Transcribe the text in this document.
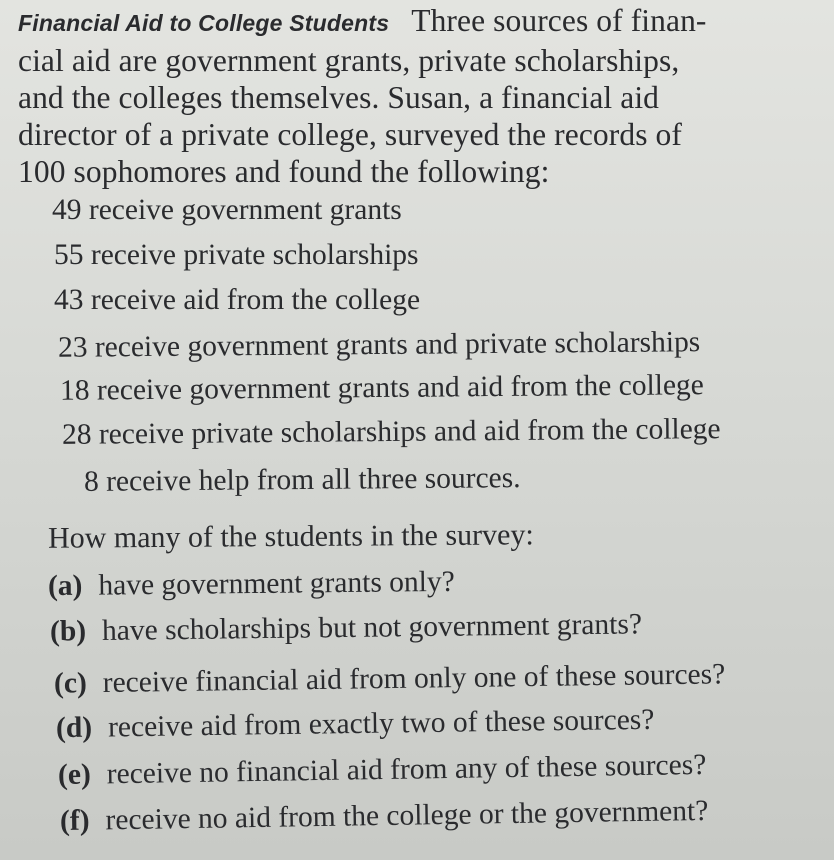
Financial Aid to College Students Three sources of finan-
cial aid are government grants, private scholarships,
and the colleges themselves. Susan, a financial aid
director of a private college, surveyed the records of
100 sophomores and found the following:
49 receive government grants
55 receive private scholarships
43 receive aid from the college
23 receive government grants and private scholarships
18 receive government grants and aid from the college
28 receive private scholarships and aid from the college
8 receive help from all three sources.
How many of the students in the survey:
(a) have government grants only?
(b) have scholarships but not government grants?
(c) receive financial aid from only one of these sources?
(d) receive aid from exactly two of these sources?
(e) receive no financial aid from any of these sources?
(f) receive no aid from the college or the government?
